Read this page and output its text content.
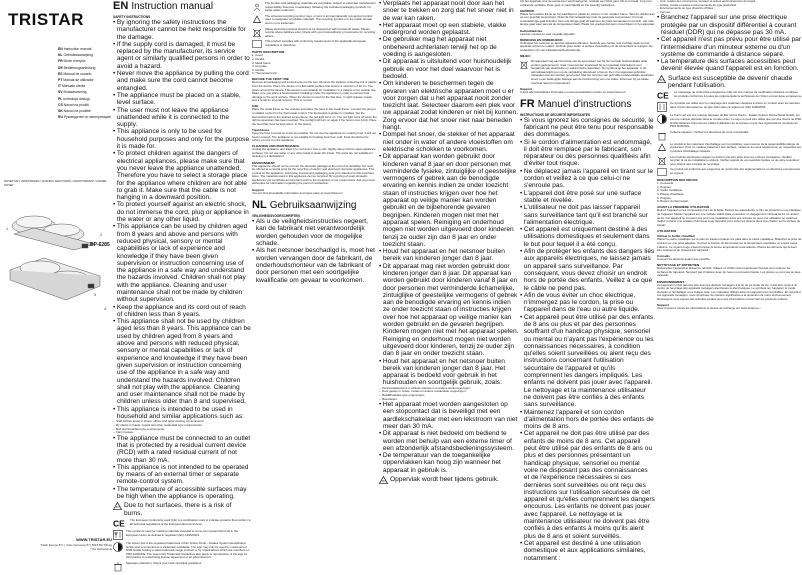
TRISTAR
EN Instruction manual
NL Gebruiksaanwijzing
FR Mode d'emploi
DE Bedienungsanleitung
ES Manual de usuario
PT Manual de utilizador
IT Manuale utente
SV Bruksanvisning
PL Instrukcja obsługi
CS Návod na použití
SK Návod na použitie
RU Руководство по эксплуатации
PAPIER NIET VERWIJDEREN / WARNING KEEP PAPER / AVERTISSEMENT GARDER PAPIER
BP-6285
1
2
3
4
WWW.TRISTAR.EU
Tristar Europe B.V. | Jules Verneweg 87 | 5015 BH Tilburg | The Netherlands
EN Instruction manual
SAFETY INSTRUCTIONS
• By ignoring the safety instructions the manufacturer cannot be held responsible for the damage.
• If the supply cord is damaged, it must be replaced by the manufacturer, its service agent or similarly qualified persons in order to avoid a hazard.
• Never move the appliance by pulling the cord and make sure the cord cannot become entangled.
• The appliance must be placed on a stable, level surface.
• The user must not leave the appliance unattended while it is connected to the supply.
• This appliance is only to be used for household purposes and only for the purpose it is made for.
• To protect children against the dangers of electrical appliances, please make sure that you never leave the appliance unattended. Therefore you have to select a storage place for the appliance where children are not able to grab it. Make sure that the cable is not hanging in a downward position.
• To protect yourself against an electric shock, do not immerse the cord, plug or appliance in the water or any other liquid.
• This appliance can be used by children aged from 8 years and above and persons with reduced physical, sensory or mental capabilities or lack of experience and knowledge if they have been given supervision or instruction concerning use of the appliance in a safe way and understand the hazards involved. Children shall not play with the appliance. Cleaning and user maintenance shall not be made by children without supervision.
• Keep the appliance and its cord out of reach of children less than 8 years.
• This appliance shall not be used by children aged less than 8 years. This appliance can be used by children aged from 8 years and above and persons with reduced physical, sensory or mental capabilities or lack of experience and knowledge if they have been given supervision or instruction concerning use of the appliance in a safe way and understand the hazards involved. Children shall not play with the appliance. Cleaning and user maintenance shall not be made by children unless older than 8 and supervised.
• This appliance is intended to be used in household and similar applications such as:
– Staff kitchen areas in shops, offices and other working environments;
– By clients in hotels, motels and other residential type environments;
– Bed and breakfast type environments;
– Farm houses.
• The appliance must be connected to an outlet that is protected by a residual current device (RCD) with a rated residual current of not more than 30 mA.
• This appliance is not intended to be operated by means of an external timer or separate remote-control system.
• The temperature of accessible surfaces may be high when the appliance is operating.
Due to hot surfaces, there is a risk of burns.
CE The European Conformity mark (CE) is a certification mark to indicate products that conform to all technical regulations of the European Economic Area.
This symbol is used for marking materials intended to come into contact with food in the European Union as defined in regulation (EC) 1935/2004.
The Green Dot is the registered trademark of Der Grüne Punkt – Duales System Deutschland GmbH and is protected as a trademark worldwide. The logo may only be used by customers of DSD GmbH holding a valid trademark usage contract or by organisations which are members of PRO EUROPE. The Green Dot Trademark Guidelines also apply to reproduction of the logo by third parties to a disclosing license agreement or an advertisement.
Separate collection | Check your local municipal guidelines
The product and packaging materials are recyclable, subject to extended manufacturer responsibility. Discover it separately, following the indicated packaging symbols, for better waste treatment.
The universal recycling symbol, logo, or icon is an internationally recognized symbol used to designate recyclable materials. The recycling symbol is in the public domain and is not a trademark.
Waste electrical products should not be disposed of with household waste. Please recycle where facilities exist. Check with your local authority or local store for recycling advice.
This product complies with conformity requirements of the applicable European regulations or directives.
PARTS DESCRIPTION
1. Cover
2. Handle
3. Metal frame
4. Hot plate
5. Handle
6. Thermostat knob
BEFORE THE FIRST USE
Remove all packaging and components out the box. Remove the stickers, protective foil or plastic from the device. Place the device on a flat stable surface and ensure a minimum of 10 cm. free space around the device. This device is not suitable for installation in a cabinet or for outside use. Make sure you place a heat-resistant insulating under the appliance in order to prevent heat damage to the work surface. When the device is used for the first time, it might release smoke and a smell for several minutes. This is normal.
USE
Place the metal frame on the worktop and place the pans in the metal frame. Connect the plug to a suitable socket for the thermostat control. The thermostat regulator is installed. Set the thermostat knob to the desired temperature; the red light turns on. The red light turns off when the right temperature has been reached. The red light will turn on again if the heat is lost (Unit). Place the food that must be kept warm, in the device.
Tips/Advice
Keep the food covered as much as possible. Do not use the appliance for cooking food. It will not heat it enough. The appliance is not suitable for heating food from cold. Food should be hot before you put it in the appliance.
CLEANING AND MAINTENANCE
Unplug the appliance and allow it to cool down. Use a soft, slightly damp cloth to clean appliance surfaces. Do not use water or any other liquid to clean the inside. The parts are not suitable for cleaning in a dishwasher.
ENVIRONMENT
This appliance should not be put into the domestic garbage at the end of its durability, but must be offered at a central point for the recycling of electric and electronic domestic appliances. This symbol on the appliance, instruction manual and packaging puts your attention to this important issue. The materials used in this appliance can be recycled. By recycling of used domestic appliances you contribute an important push to the protection of our environment. Ask your local authorities for information regarding the point of recollection.
Support
You can find all available information and spare parts at www.tristar.eu!
NL Gebruiksaanwijzing
VEILIGHEIDSVOORSCHRIFTEN
• Als u de veiligheidsinstructies negeert, kan de fabrikant niet verantwoordelijk worden gehouden voor de mogelijke schade.
• Als het netsnoer beschadigd is, moet het worden vervangen door de fabrikant, de onderhoudsmonteur van de fabrikant of door personen met een soortgelijke kwalificatie om gevaar te voorkomen.
• Verplaats het apparaat nooit door aan het snoer te trekken en zorg dat het snoer niet in de war kan raken.
• Het apparaat moet op een stabiele, vlakke ondergrond worden geplaatst.
• De gebruiker mag het apparaat niet onbeheerd achterlaten terwijl het op de voeding is aangesloten.
• Dit apparaat is uitsluitend voor huishoudelijk gebruik en voor het doel waarvoor het is bedoeld.
• Om kinderen te beschermen tegen de gevaren van elektrische apparaten moet u er voor zorgen dat u het apparaat nooit zonder toezicht laat. Selecteer daarom een plek voor uw apparaat zodat kinderen er niet bij kunnen. Zorg ervoor dat het snoer niet naar beneden hangt.
• Dompel het snoer, de stekker of het apparaat niet onder in water of andere vloeistoffen om elektrische schokken te voorkomen.
• Dit apparaat kan worden gebruikt door kinderen vanaf 8 jaar en door personen met verminderde fysieke, zintuiglijke of geestelijke vermogens of gebrek aan de benodigde ervaring en kennis indien ze onder toezicht staan of instructies krijgen over hoe het apparaat op veilige manier kan worden gebruikt en de bijbehorende gevaren begrijpen. Kinderen mogen niet met het apparaat spelen. Reiniging en onderhoud mogen niet worden uitgevoerd door kinderen tenzij ze ouder zijn dan 8 jaar en onder toezicht staan.
• Houd het apparaat en het netsnoer buiten bereik van kinderen jonger dan 8 jaar.
• Dit apparaat mag niet worden gebruikt door kinderen jonger dan 8 jaar. Dit apparaat kan worden gebruikt door kinderen vanaf 8 jaar en door personen met verminderde lichamelijke, zintuiglijke of geestelijke vermogens of gebrek aan de benodigde ervaring en kennis indien ze onder toezicht staan of instructies krijgen over hoe het apparaat op veilige manier kan worden gebruikt en de gevaren begrijpen. Kinderen mogen niet met het apparaat spelen. Reiniging en onderhoud mogen niet worden uitgevoerd door kinderen, tenzij ze ouder zijn dan 8 jaar en onder toezicht staan.
• Houd het apparaat en het netsnoer buiten bereik van kinderen jonger dan 8 jaar. Het apparaat is bedoeld voor gebruik in het huishouden en soortgelijk gebruik, zoals:
– Personeelskeukens in winkels, kantoren en andere werkomgevingen;
– Door gasten in hotels, motels en andere residentiële omgevingen;
– Bed&Breakfast type omgevingen;
– Boerderijen.
• Het apparaat moet worden aangesloten op een stopcontact dat is beveiligd met een aardlekschakelaar met een lekstroom van niet meer dan 30 mA.
• Dit apparaat is niet bedoeld om bediend te worden met behulp van een externe timer of een afzonderlijk afstandsbedieningssysteem.
• De temperatuur van de toegankelijke oppervlakken kan hoog zijn wanneer het apparaat in gebruik is.
Oppervlak wordt heet tijdens gebruik.
Als het apparaat voor de eerste keer wordt aangezet, ontstaat een lichte geur. Dit is normaal, zorg voor voldoende ventilatie. Deze geur is maar tijdelijk en zal spoedig verdwijnen.
GEBRUIK
Plaats het metalen frame op het werkblad en plaats de pannen in het metalen frame. Sluit de stekker aan op een geschikt stopcontact. Draai de thermostaatknop naar de gewenste temperatuur; het rode controlelampje gaat branden. Het rode lampje gaat uit wanneer de juiste temperatuur is bereikt. Het rode lampje gaat weer aan als de temperatuur daalt. Plaats het voedsel dat warm moet blijven in het apparaat.
Gebruik/advies
Laat het voedsel zo veel mogelijk afgedekt.
REINIGING EN ONDERHOUD
Ontkoppel het netsnoer en laat het apparaat afkoelen. Gebruik een zachte, iets vochtige doek om het apparaat schoon te maken. Gebruik geen water of andere vloeistoffen om de binnenkant te reinigen. De onderdelen zijn niet vaatwasmachinebestendig.
MILIEU
Dit apparaat mag aan het einde van de levensduur niet bij het normale huishoudelijke afval worden gedeponeerd, maar moet worden ingeleverd bij een speciaal inzamelpunt voor hergebruik van elektrische en elektronische apparaten. Dit symbool op het apparaat, in de gebruiksaanwijzing en op de verpakking attendeert u hierop. De in het apparaat gebruikte materialen kunnen worden gerecycled. Met het recyclen van gebruikte huishoudelijke apparaten levert u een belangrijke bijdrage aan de bescherming van ons milieu. Informeer bij uw lokale overheid naar het inzamelpunt.
Support
U kunt alle beschikbare informatie en reserveonderdelen vinden op www.tristar.eu!
FR Manuel d'instructions
INSTRUCTIONS DE SÉCURITÉ IMPORTANTES
• Si vous ignorez les consignes de sécurité, le fabricant ne peut être tenu pour responsable des dommages.
• Si le cordon d'alimentation est endommagé, il doit être remplacé par le fabricant, son réparateur ou des personnes qualifiées afin d'éviter tout risque.
• Ne déplacez jamais l'appareil en tirant sur le cordon et veillez à ce que celui-ci ne s'enroule pas.
• L'appareil doit être posé sur une surface stable et nivelée.
• L'utilisateur ne doit pas laisser l'appareil sans surveillance tant qu'il est branché sur l'alimentation électrique.
• Cet appareil est uniquement destiné à des utilisations domestiques et seulement dans le but pour lequel il a été conçu.
• Afin de protéger les enfants des dangers liés aux appareils électriques, ne laissez jamais un appareil sans surveillance. Par conséquent, vous devez choisir un endroit hors de portée des enfants. Veillez à ce que le câble ne pend pas.
• Afin de vous éviter un choc électrique, n'immergez pas le cordon, la prise ou l'appareil dans de l'eau ou autre liquide.
• Cet appareil peut être utilisé par des enfants de 8 ans ou plus et par des personnes souffrant d'un handicap physique, sensoriel ou mental ou n'ayant pas l'expérience ou les connaissances nécessaires, à condition qu'elles soient surveillées ou aient reçu des instructions concernant l'utilisation sécuritaire de l'appareil et qu'ils comprennent les dangers impliqués. Les enfants ne doivent pas jouer avec l'appareil. Le nettoyage et la maintenance utilisateur ne doivent pas être confiés à des enfants sans surveillance.
• Maintenez l'appareil et son cordon d'alimentation hors de portée des enfants de moins de 8 ans.
• Cet appareil ne doit pas être utilisé par des enfants de moins de 8 ans. Cet appareil peut être utilisé par des enfants de 8 ans ou plus et des personnes présentant un handicap physique, sensoriel ou mental voire ne disposant pas des connaissances et de l'expérience nécessaires si ces dernières sont surveillées ou ont reçu des instructions sur l'utilisation sécurisée de cet appareil et qu'elles comprennent les dangers encourus. Les enfants ne doivent pas jouer avec l'appareil. Le nettoyage et la maintenance utilisateur ne doivent pas être confiés à des enfants à moins qu'ils aient plus de 8 ans et soient surveillés.
• Cet appareil est destiné à une utilisation domestique et aux applications similaires, notamment :
– Coin cuisine des commerces, bureaux et autres environnements de travail ;
– Hôtels, motels et autres environnements de type résidentiel ;
– Environnements de type chambre d'hôtes ;
– Fermes.
• Branchez l'appareil sur une prise électrique protégée par un dispositif différentiel à courant résiduel (DDR) qui ne dépasse pas 30 mA.
• Cet appareil n'est pas prévu pour être utilisé par l'intermédiaire d'un minuteur externe ou d'un système de commande à distance séparé.
• La température des surfaces accessibles peut devenir élevée quand l'appareil est en fonction.
Surface est susceptible de devenir chaude pendant l'utilisation.
CE Le marquage de conformité européenne (CE) est une marque de certification destinée à indiquer les produits conformes à toutes les réglementations techniques de l'Union économique européenne.
Ce symbole est utilisé pour le marquage des matériaux destinés à entrer en contact avec les denrées dans l'Union Européenne, tel que défini dans le règlement (CE) 1935/2004.
Le Point vert est une marque déposée de Der Grüne Punkt – Duales System Deutschland GmbH, qui est une marque déposée dans le monde entier. Le logo ne peut être utilisé que par des clients de DSD GmbH titulaires d'une licence valide d'utilisation de la marque ou par des organisations membres de PRO EUROPE.
Collecte séparée / Vérifiez les directives de votre municipalité
Le produit et les matériaux d'emballage sont recyclables, sous réserve de la responsabilité élargie du producteur. Pour un meilleur traitement des déchets, mettez-le au rebut séparément, en respectant les symboles d'emballage indiqués.
Les produits électriques usagés ne doivent pas être jetés avec les ordures ménagères. Veuillez recycler là où les installations existent. Vérifiez auprès de vos autorités locales ou de votre revendeur pour obtenir des conseils de recyclage.
Ce produit est conforme aux exigences de conformité des réglementations ou directives européennes en vigueur.
DESCRIPTION DES PIÈCES
1. Couvercle
2. Poignée
3. Cadre métallique
4. Plaque chauffante
5. Poignée
6. Bouton du thermostat
AVANT LA PREMIÈRE UTILISATION
Retirez l'appareil et les composants hors de la boîte. Retirez les autocollants, le film de protection ou le plastique de l'appareil. Mettez l'appareil sur une surface stable plate et assurez un dégagement minimal de 10 cm autour de lui. Cet appareil ne convient pas pour une installation dans une armoire ou pour une utilisation en extérieur. Veillez à placer une isolation thermique sous l'appareil pour éviter les lésions dues à la chaleur sur la surface de travail.
UTILISATION
Utiliser le buffet chauffant
Placez le cadre métallique sur le plan de travail et placez les plats dans le cadre métallique. Branchez la prise de courant sur une prise adaptée. Tournez le bouton du thermostat sur la température souhaitée; le voyant rouge s'allume. Le voyant rouge s'éteint lorsque la bonne température a été atteinte. Placez les aliments qui doivent être maintenus au chaud dans l'appareil.
Conseils
Couvrez les aliments autant que possible.
NETTOYAGE ET ENTRETIEN
Débranchez l'appareil et laissez-le refroidir. Utilisez un chiffon doux légèrement humide pour nettoyer les surfaces de l'appareil. Ne lavez pas l'intérieur avec de l'eau ou tout autre liquide. Les pièces ne vont pas au lave-vaisselle.
ENVIRONNEMENT
Cet appareil ne doit pas être jeté avec les déchets ménagers à la fin de sa durée de vie, il doit être remis à un centre de recyclage des appareils ménagers électriques et électroniques. Le symbole sur l'appareil, le mode d'emploi et l'emballage vous indique cela. Les matériaux utilisés dans cet appareil sont recyclables. En recyclant vos appareils ménagers, vous contribuez de manière significative à la protection de notre environnement. Renseignez-vous auprès des autorités locales pour des informations concernant les points de collecte.
Support
Vous trouverez toutes les informations et pièces de rechange sur www.tristar.eu !
